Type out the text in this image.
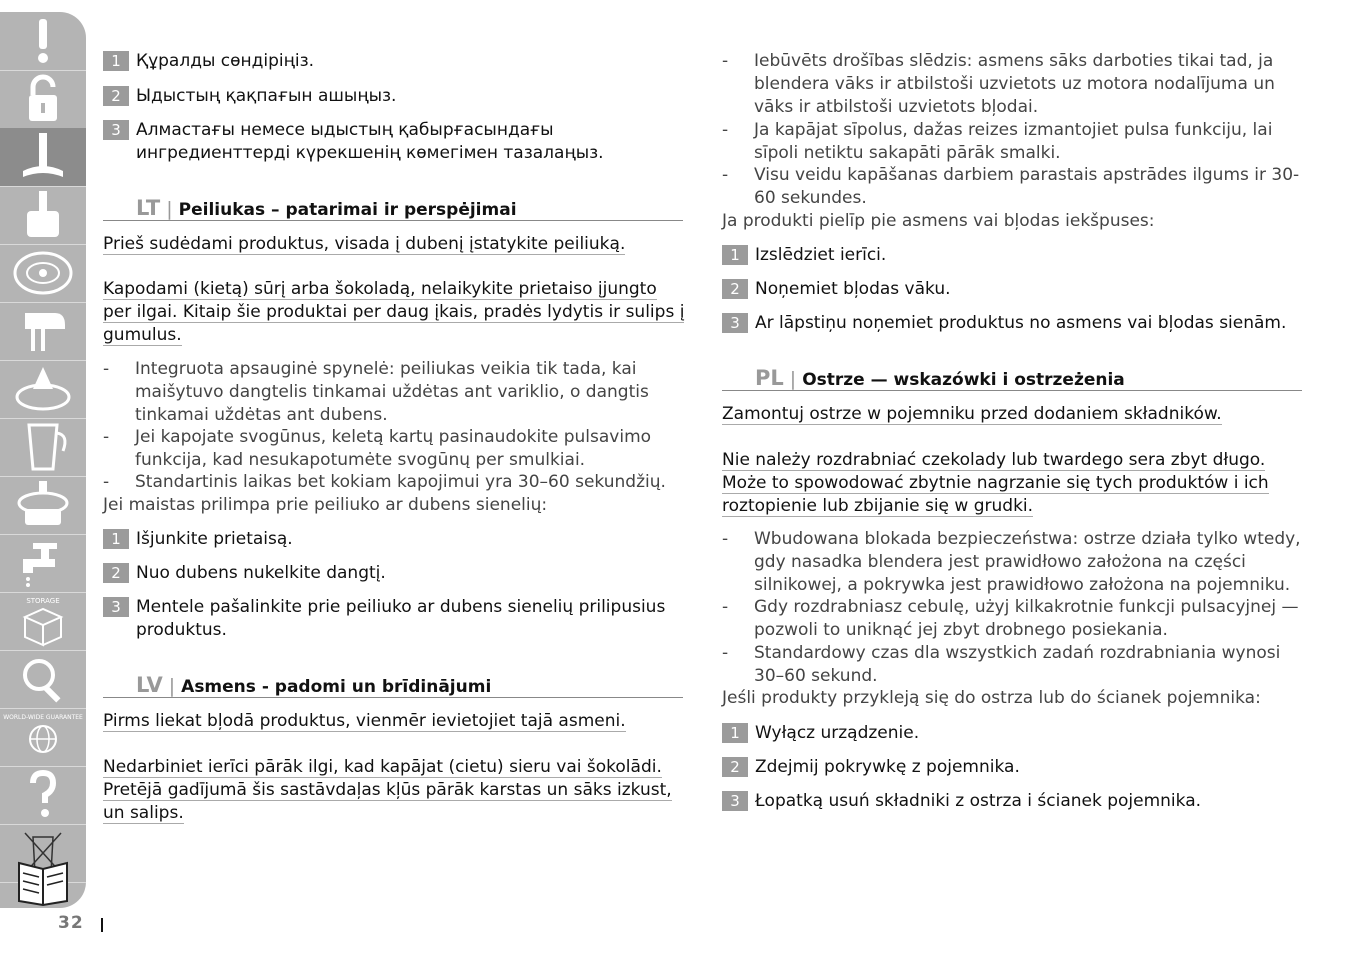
STORAGE
WORLD-WIDE GUARANTEE
32
1 Құралды сөндіріңіз.
2 Ыдыстың қақпағын ашыңыз.
3 Алмастағы немесе ыдыстың қабырғасындағы ингредиенттерді күрекшенің көмегімен тазалаңыз.
LT | Peiliukas – patarimai ir perspėjimai
Prieš sudėdami produktus, visada į dubenį įstatykite peiliuką.
Kapodami (kietą) sūrį arba šokoladą, nelaikykite prietaiso įjungto per ilgai. Kitaip šie produktai per daug įkais, pradės lydytis ir sulips į gumulus.
-	Integruota apsauginė spynelė: peiliukas veikia tik tada, kai maišytuvo dangtelis tinkamai uždėtas ant variklio, o dangtis tinkamai uždėtas ant dubens.
-	Jei kapojate svogūnus, keletą kartų pasinaudokite pulsavimo funkcija, kad nesukapotumėte svogūnų per smulkiai.
-	Standartinis laikas bet kokiam kapojimui yra 30–60 sekundžių.
Jei maistas prilimpa prie peiliuko ar dubens sienelių:
1 Išjunkite prietaisą.
2 Nuo dubens nukelkite dangtį.
3 Mentele pašalinkite prie peiliuko ar dubens sienelių prilipusius produktus.
LV | Asmens - padomi un brīdinājumi
Pirms liekat bļodā produktus, vienmēr ievietojiet tajā asmeni.
Nedarbiniet ierīci pārāk ilgi, kad kapājat (cietu) sieru vai šokolādi. Pretējā gadījumā šis sastāvdaļas kļūs pārāk karstas un sāks izkust, un salips.
-	Iebūvēts drošības slēdzis: asmens sāks darboties tikai tad, ja blendera vāks ir atbilstoši uzvietots uz motora nodalījuma un vāks ir atbilstoši uzvietots bļodai.
-	Ja kapājat sīpolus, dažas reizes izmantojiet pulsa funkciju, lai sīpoli netiktu sakapāti pārāk smalki.
-	Visu veidu kapāšanas darbiem parastais apstrādes ilgums ir 30-60 sekundes.
Ja produkti pielīp pie asmens vai bļodas iekšpuses:
1 Izslēdziet ierīci.
2 Noņemiet bļodas vāku.
3 Ar lāpstiņu noņemiet produktus no asmens vai bļodas sienām.
PL | Ostrze — wskazówki i ostrzeżenia
Zamontuj ostrze w pojemniku przed dodaniem składników.
Nie należy rozdrabniać czekolady lub twardego sera zbyt długo. Może to spowodować zbytnie nagrzanie się tych produktów i ich roztopienie lub zbijanie się w grudki.
-	Wbudowana blokada bezpieczeństwa: ostrze działa tylko wtedy, gdy nasadka blendera jest prawidłowo założona na części silnikowej, a pokrywka jest prawidłowo założona na pojemniku.
-	Gdy rozdrabniasz cebulę, użyj kilkakrotnie funkcji pulsacyjnej — pozwoli to uniknąć jej zbyt drobnego posiekania.
-	Standardowy czas dla wszystkich zadań rozdrabniania wynosi 30–60 sekund.
Jeśli produkty przykleją się do ostrza lub do ścianek pojemnika:
1 Wyłącz urządzenie.
2 Zdejmij pokrywkę z pojemnika.
3 Łopatką usuń składniki z ostrza i ścianek pojemnika.
